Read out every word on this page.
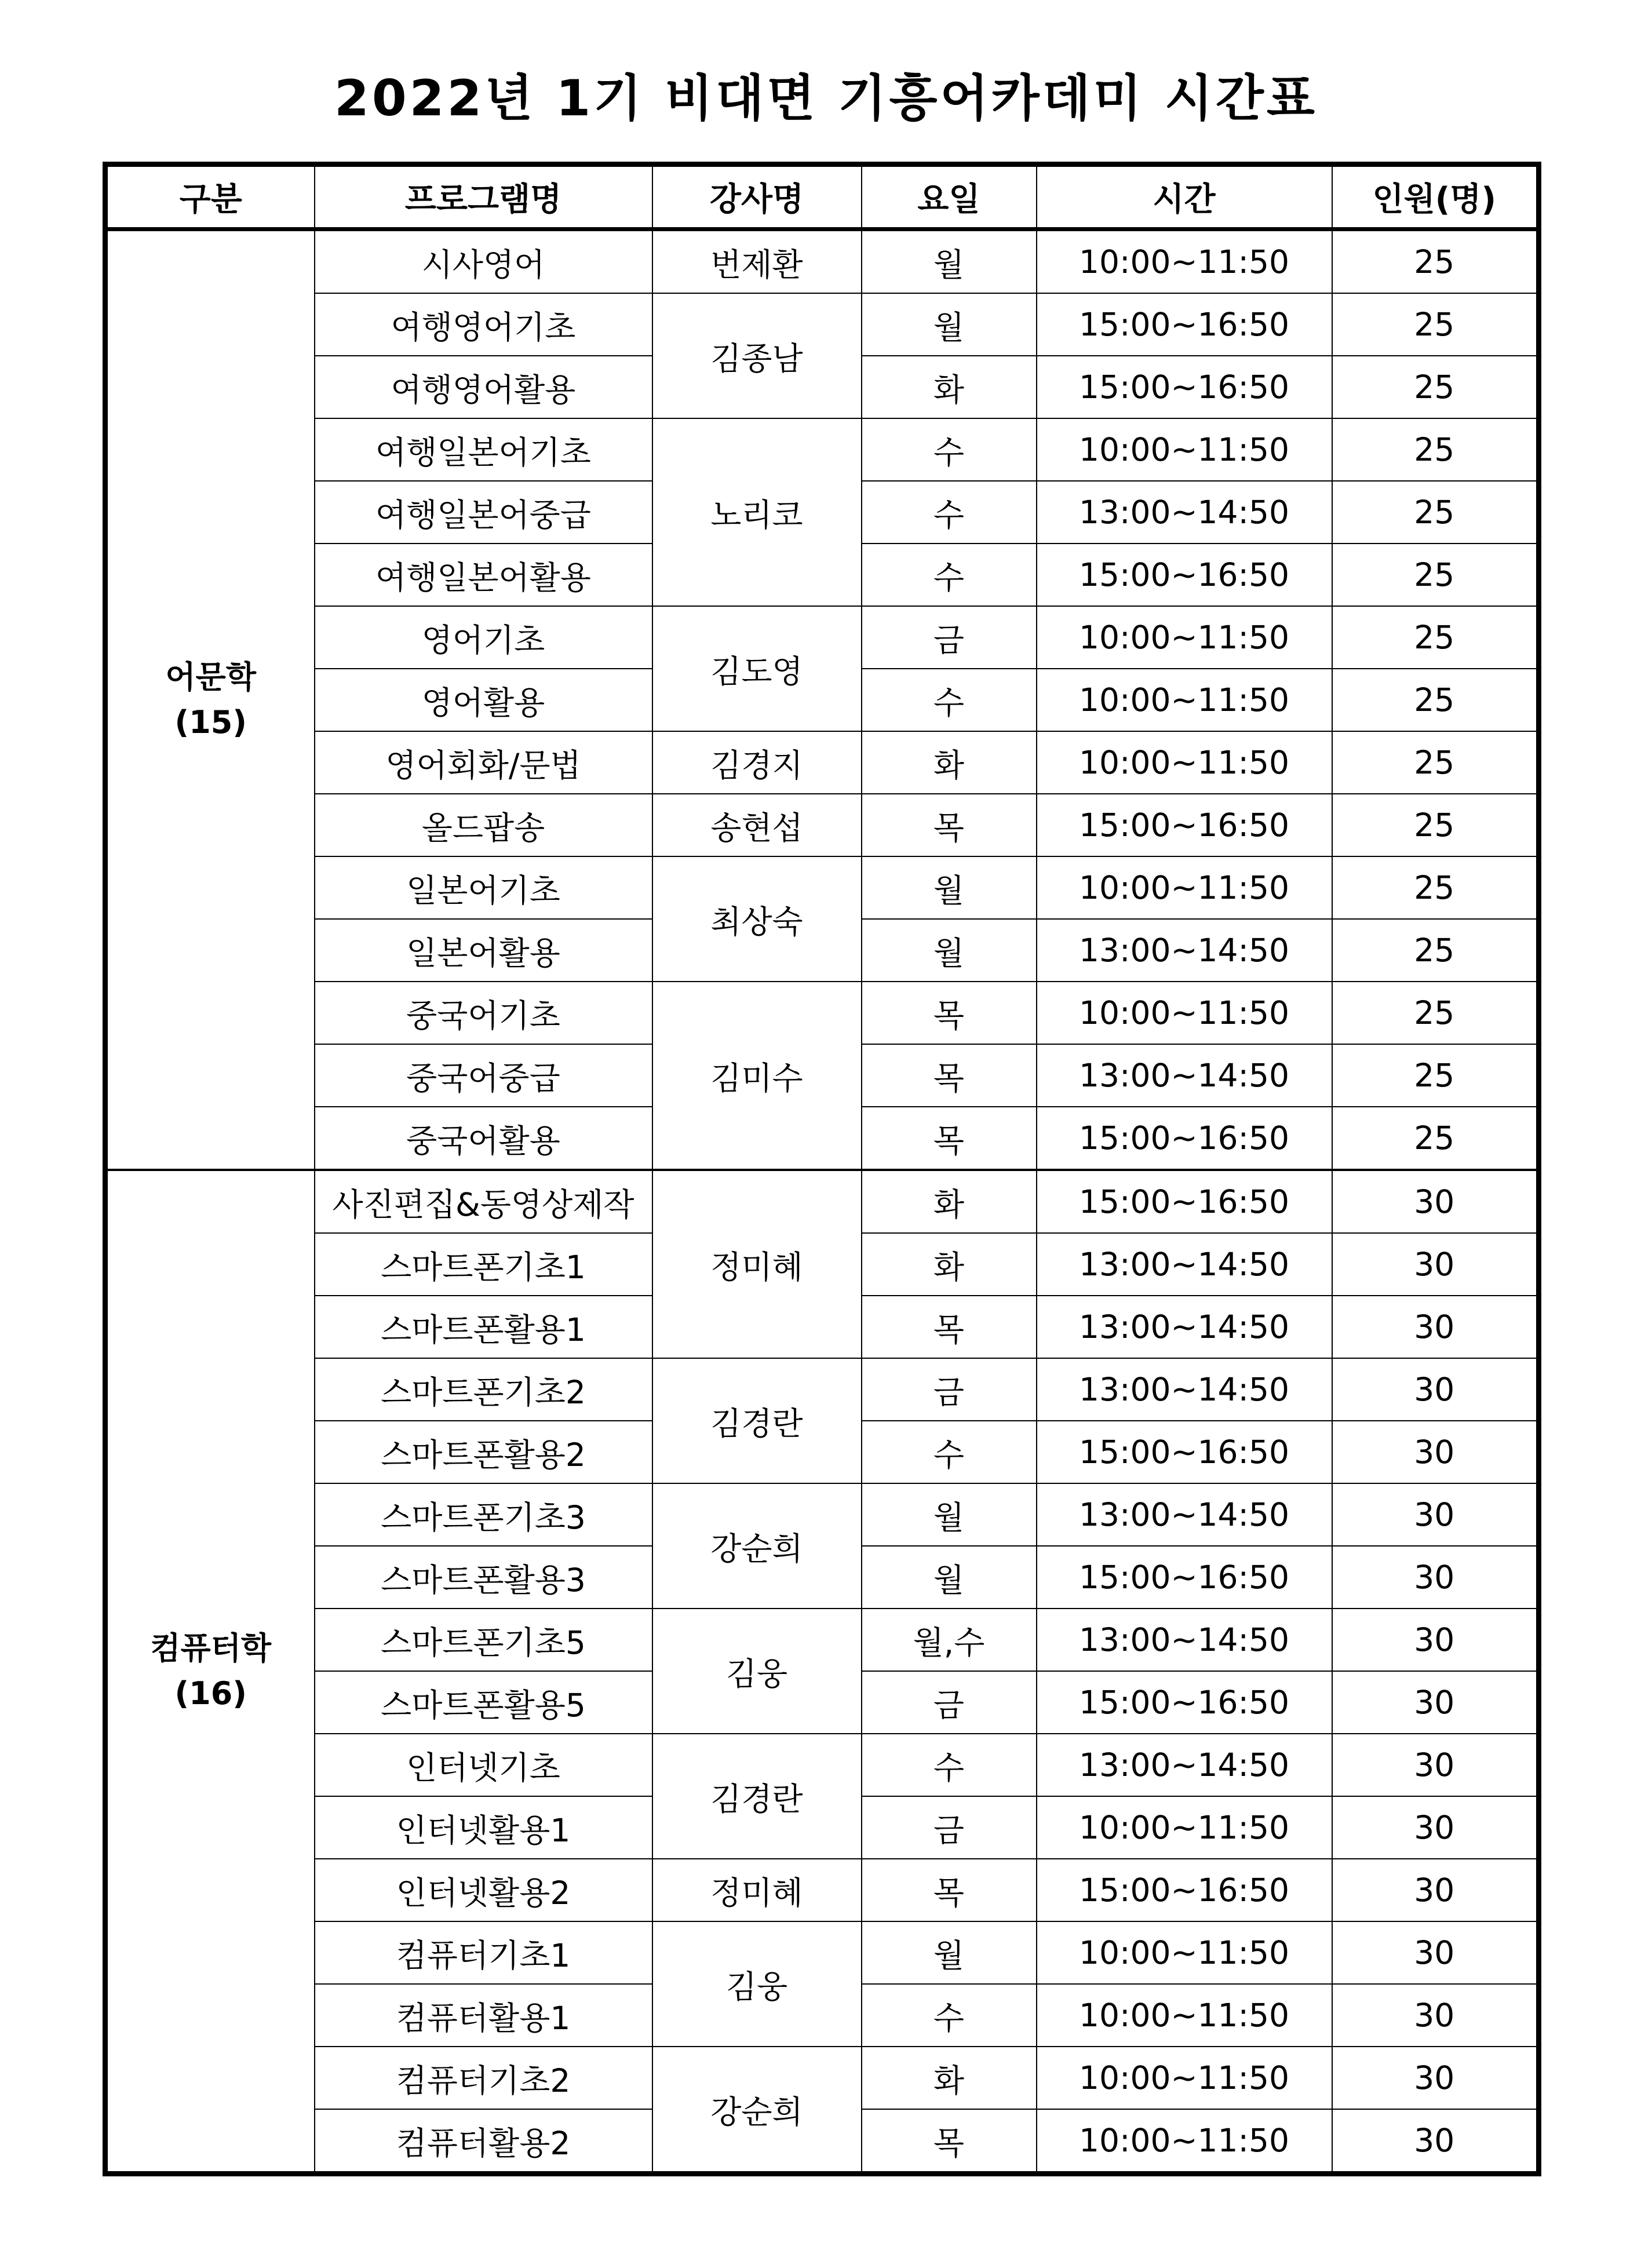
2022년 1기 비대면 기흥어카데미 시간표
구분	프로그램명	강사명	요일	시간	인원(명)

어문학
(15)	시사영어	번제환	월	10:00~11:50	25
	여행영어기초	김종남	월	15:00~16:50	25
	여행영어활용		화	15:00~16:50	25
	여행일본어기초	노리코	수	10:00~11:50	25
	여행일본어중급		수	13:00~14:50	25
	여행일본어활용		수	15:00~16:50	25
	영어기초	김도영	금	10:00~11:50	25
	영어활용		수	10:00~11:50	25
	영어회화/문법	김경지	화	10:00~11:50	25
	올드팝송	송현섭	목	15:00~16:50	25
	일본어기초	최상숙	월	10:00~11:50	25
	일본어활용		월	13:00~14:50	25
	중국어기초	김미수	목	10:00~11:50	25
	중국어중급		목	13:00~14:50	25
	중국어활용		목	15:00~16:50	25

컴퓨터학
(16)	사진편집&동영상제작	정미혜	화	15:00~16:50	30
	스마트폰기초1		화	13:00~14:50	30
	스마트폰활용1		목	13:00~14:50	30
	스마트폰기초2	김경란	금	13:00~14:50	30
	스마트폰활용2		수	15:00~16:50	30
	스마트폰기초3	강순희	월	13:00~14:50	30
	스마트폰활용3		월	15:00~16:50	30
	스마트폰기초5	김웅	월,수	13:00~14:50	30
	스마트폰활용5		금	15:00~16:50	30
	인터넷기초	김경란	수	13:00~14:50	30
	인터넷활용1		금	10:00~11:50	30
	인터넷활용2	정미혜	목	15:00~16:50	30
	컴퓨터기초1	김웅	월	10:00~11:50	30
	컴퓨터활용1		수	10:00~11:50	30
	컴퓨터기초2	강순희	화	10:00~11:50	30
	컴퓨터활용2		목	10:00~11:50	30
